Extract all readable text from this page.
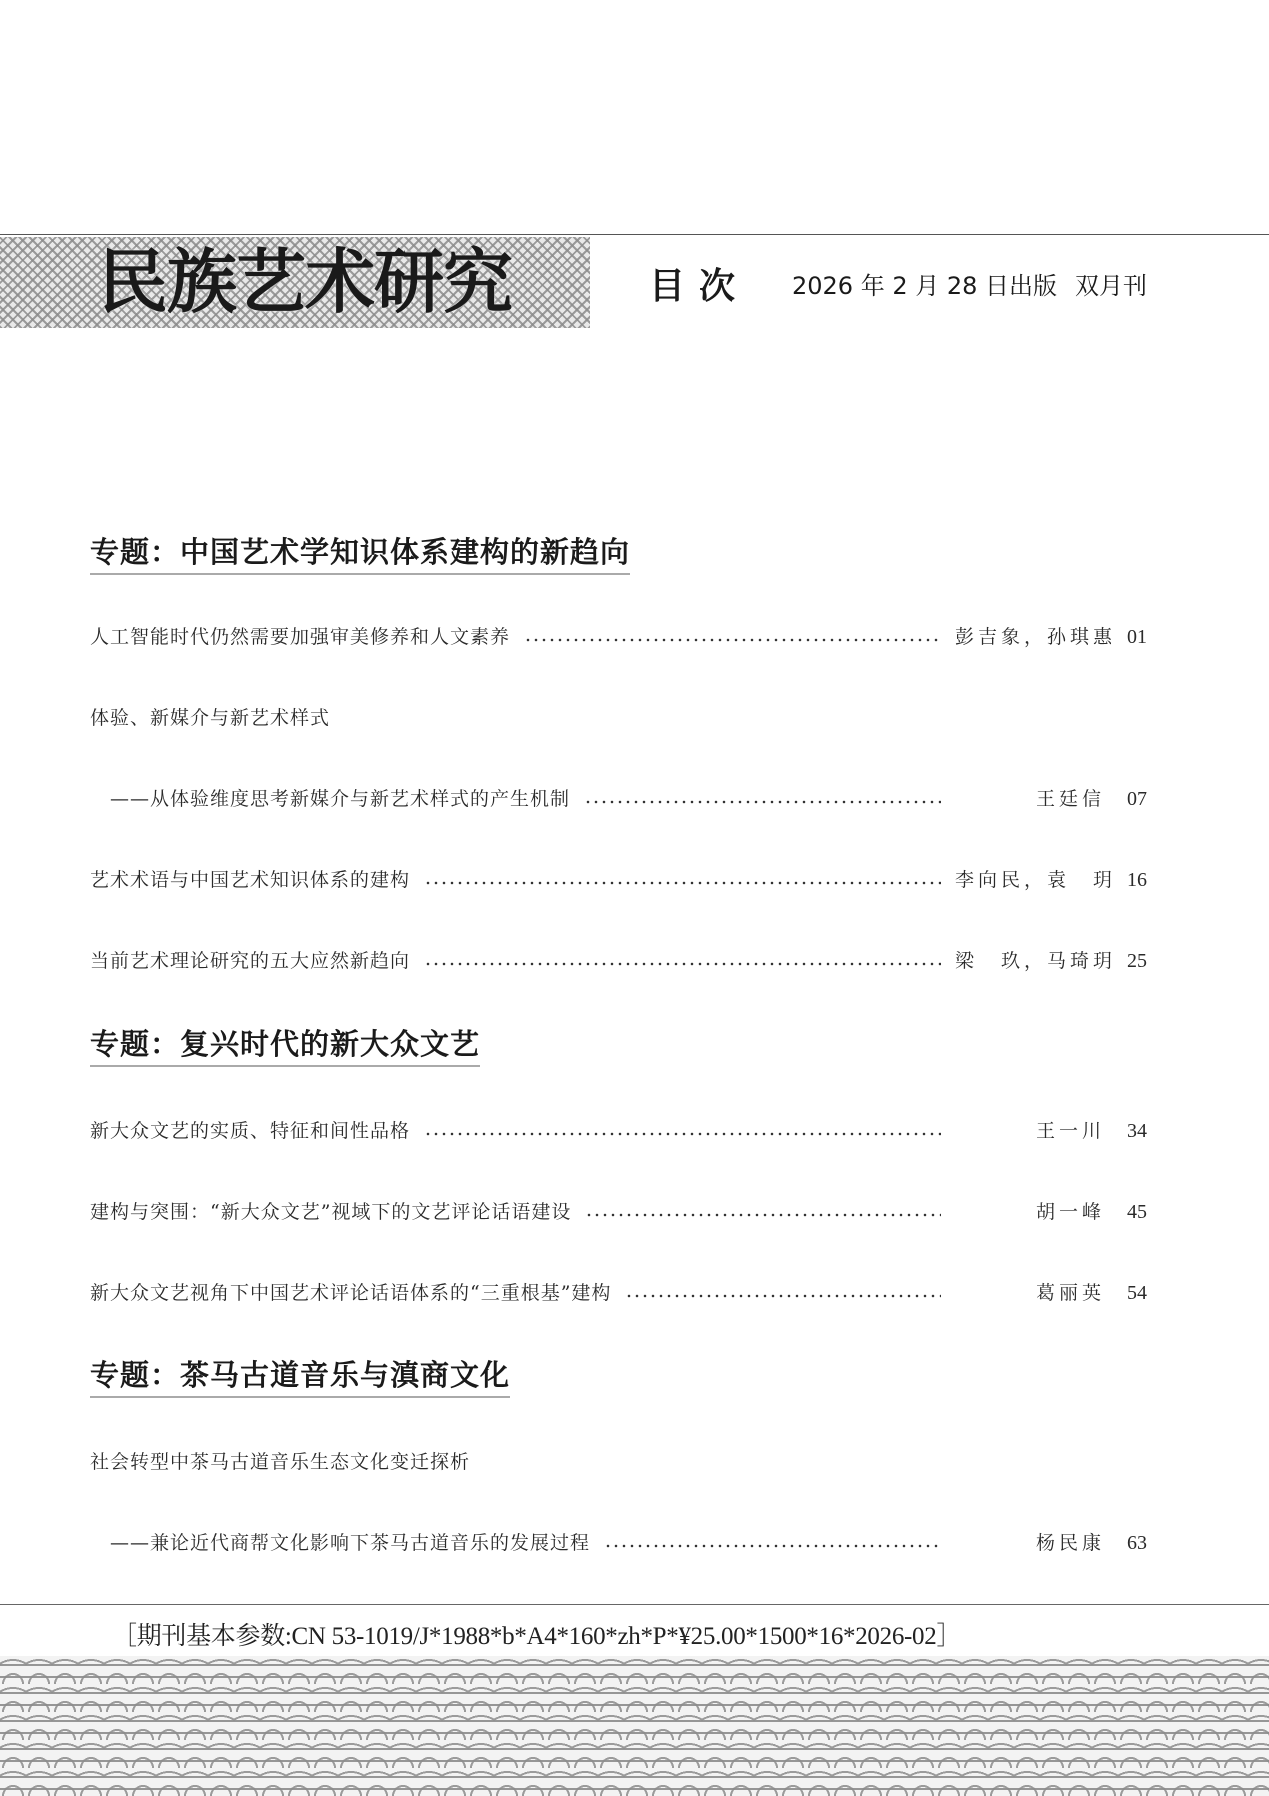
民族艺术研究	目次 2026 年 2 月 28 日出版 双月刊
专题：中国艺术学知识体系建构的新趋向
人工智能时代仍然需要加强审美修养和人文素养	彭吉象，孙琪惠 01
体验、新媒介与新艺术样式
——从体验维度思考新媒介与新艺术样式的产生机制	王廷信	07
艺术术语与中国艺术知识体系的建构	李向民，袁　玥 16
当前艺术理论研究的五大应然新趋向	梁　玖，马琦玥 25
专题：复兴时代的新大众文艺
新大众文艺的实质、特征和间性品格	王一川	34
建构与突围：“新大众文艺”视域下的文艺评论话语建设	胡一峰	45
新大众文艺视角下中国艺术评论话语体系的“三重根基”建构	葛丽英	54
专题：茶马古道音乐与滇商文化
社会转型中茶马古道音乐生态文化变迁探析
——兼论近代商帮文化影响下茶马古道音乐的发展过程	杨民康	63
［期刊基本参数:CN 53-1019/J*1988*b*A4*160*zh*P*¥25.00*1500*16*2026-02］
